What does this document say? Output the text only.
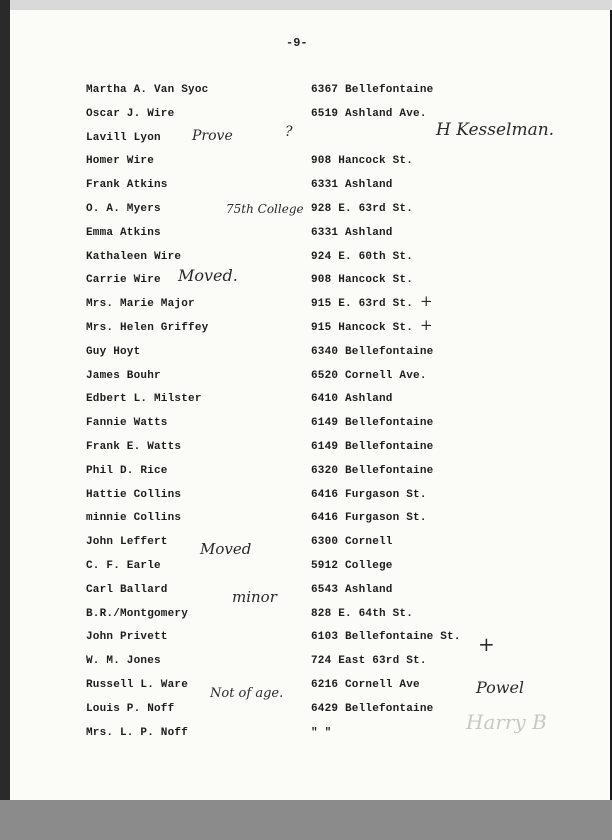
-9-
Martha A. Van Syoc	6367 Bellefontaine
Oscar J. Wire	6519 Ashland Ave.
Lavill Lyon
Homer Wire	908 Hancock St.
Frank Atkins	6331 Ashland
O. A. Myers	928 E. 63rd St.
Emma Atkins	6331 Ashland
Kathaleen Wire	924 E. 60th St.
Carrie Wire	908 Hancock St.
Mrs. Marie Major	915 E. 63rd St.
Mrs. Helen Griffey	915 Hancock St.
Guy Hoyt	6340 Bellefontaine
James Bouhr	6520 Cornell Ave.
Edbert L. Milster	6410 Ashland
Fannie Watts	6149 Bellefontaine
Frank E. Watts	6149 Bellefontaine
Phil D. Rice	6320 Bellefontaine
Hattie Collins	6416 Furgason St.
minnie Collins	6416 Furgason St.
John Leffert	6300 Cornell
C. F. Earle	5912 College
Carl Ballard	6543 Ashland
B.R./Montgomery	828 E. 64th St.
John Privett	6103 Bellefontaine St.
W. M. Jones	724 East 63rd St.
Russell L. Ware	6216 Cornell Ave
Louis P. Noff	6429 Bellefontaine
Mrs. L. P. Noff	" "
Prove	?	H Kesselman.
75th College
Moved.
+
+
Moved
minor
+
Not of age.	Powel
Harry B
